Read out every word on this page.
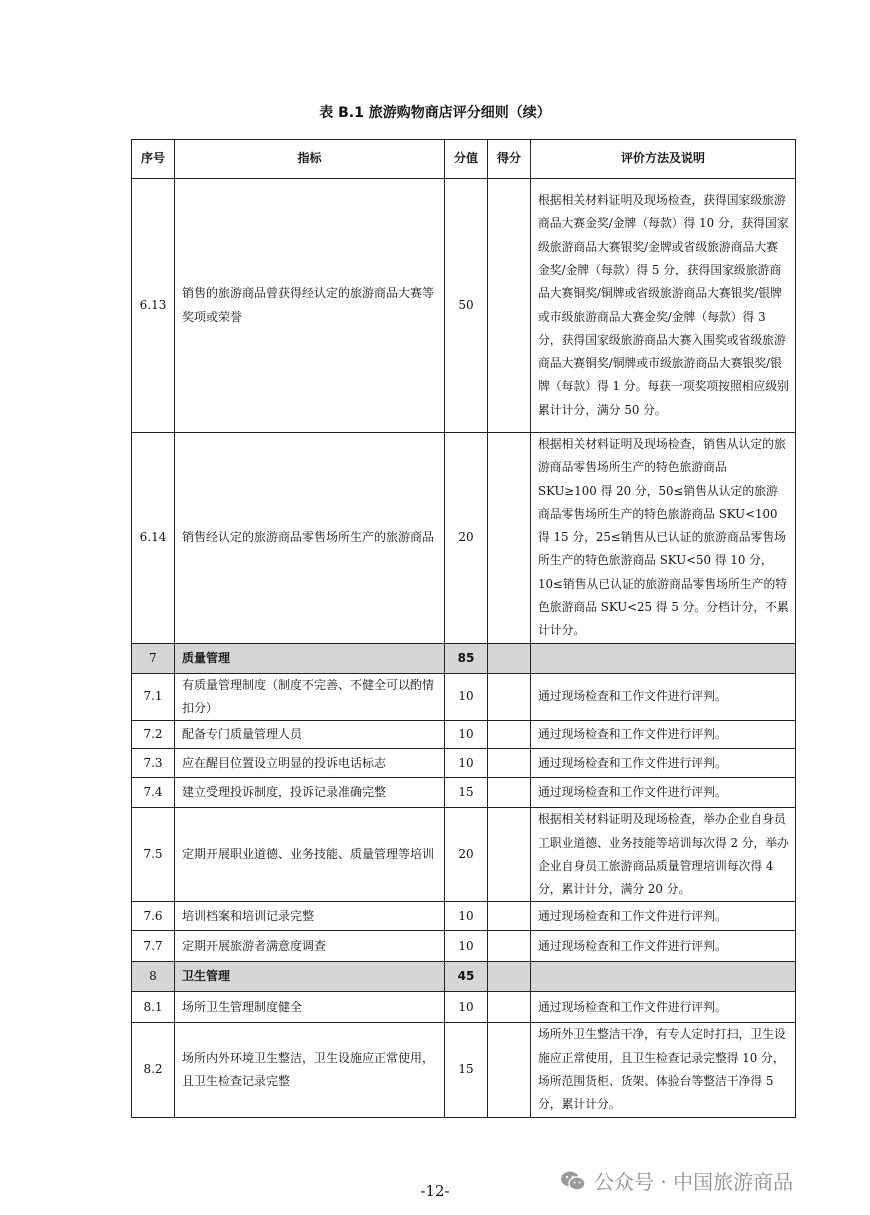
表 B.1 旅游购物商店评分细则（续）
序号	指标	分值	得分	评价方法及说明
6.13	销售的旅游商品曾获得经认定的旅游商品大赛等奖项或荣誉	50		根据相关材料证明及现场检查，获得国家级旅游商品大赛金奖/金牌（每款）得 10 分，获得国家级旅游商品大赛银奖/金牌或省级旅游商品大赛金奖/金牌（每款）得 5 分，获得国家级旅游商品大赛铜奖/铜牌或省级旅游商品大赛银奖/银牌或市级旅游商品大赛金奖/金牌（每款）得 3 分，获得国家级旅游商品大赛入围奖或省级旅游商品大赛铜奖/铜牌或市级旅游商品大赛银奖/银牌（每款）得 1 分。每获一项奖项按照相应级别累计计分，满分 50 分。
6.14	销售经认定的旅游商品零售场所生产的旅游商品	20		根据相关材料证明及现场检查，销售从认定的旅游商品零售场所生产的特色旅游商品 SKU≥100 得 20 分，50≤销售从认定的旅游商品零售场所生产的特色旅游商品 SKU<100 得 15 分，25≤销售从已认证的旅游商品零售场所生产的特色旅游商品 SKU<50 得 10 分，10≤销售从已认证的旅游商品零售场所生产的特色旅游商品 SKU<25 得 5 分。分档计分，不累计计分。
7	质量管理	85		
7.1	有质量管理制度（制度不完善、不健全可以酌情扣分）	10		通过现场检查和工作文件进行评判。
7.2	配备专门质量管理人员	10		通过现场检查和工作文件进行评判。
7.3	应在醒目位置设立明显的投诉电话标志	10		通过现场检查和工作文件进行评判。
7.4	建立受理投诉制度，投诉记录准确完整	15		通过现场检查和工作文件进行评判。
7.5	定期开展职业道德、业务技能、质量管理等培训	20		根据相关材料证明及现场检查，举办企业自身员工职业道德、业务技能等培训每次得 2 分，举办企业自身员工旅游商品质量管理培训每次得 4 分，累计计分，满分 20 分。
7.6	培训档案和培训记录完整	10		通过现场检查和工作文件进行评判。
7.7	定期开展旅游者满意度调查	10		通过现场检查和工作文件进行评判。
8	卫生管理	45		
8.1	场所卫生管理制度健全	10		通过现场检查和工作文件进行评判。
8.2	场所内外环境卫生整洁，卫生设施应正常使用，且卫生检查记录完整	15		场所外卫生整洁干净，有专人定时打扫，卫生设施应正常使用，且卫生检查记录完整得 10 分，场所范围货柜、货架、体验台等整洁干净得 5 分，累计计分。
-12-	公众号 · 中国旅游商品
